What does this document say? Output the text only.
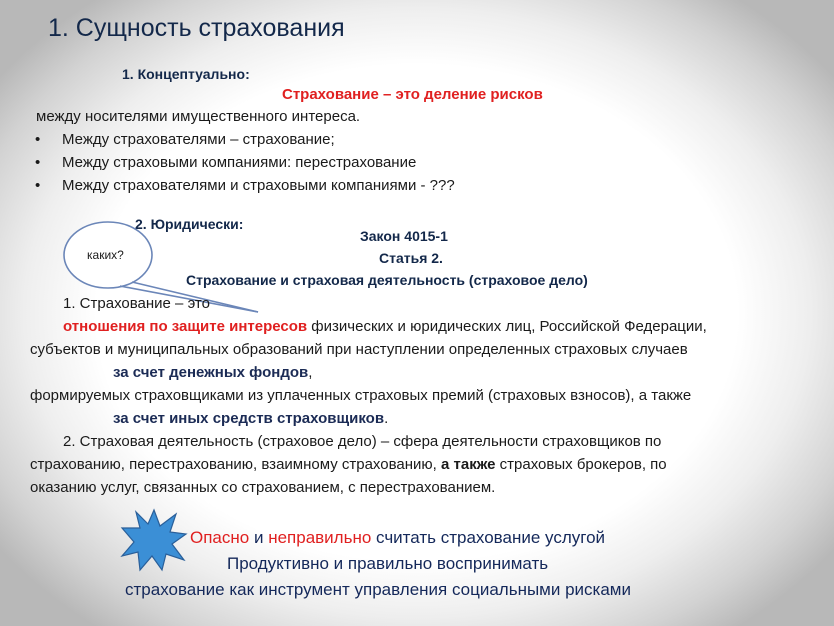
1. Сущность страхования
1. Концептуально:
Страхование – это деление рисков
между носителями имущественного интереса.
• Между страхователями – страхование;
• Между страховыми компаниями: перестрахование
• Между страхователями и страховыми компаниями - ???
2. Юридически:
каких?
Закон 4015-1
Статья 2.
Страхование и страховая деятельность (страховое дело)
1. Страхование – это
отношения по защите интересов физических и юридических лиц, Российской Федерации,
субъектов и муниципальных образований при наступлении определенных страховых случаев
за счет денежных фондов,
формируемых страховщиками из уплаченных страховых премий (страховых взносов), а также
за счет иных средств страховщиков.
2. Страховая деятельность (страховое дело) – сфера деятельности страховщиков по
страхованию, перестрахованию, взаимному страхованию, а также страховых брокеров, по
оказанию услуг, связанных со страхованием, с перестрахованием.
Опасно и неправильно считать страхование услугой
Продуктивно и правильно воспринимать
страхование как инструмент управления социальными рисками
